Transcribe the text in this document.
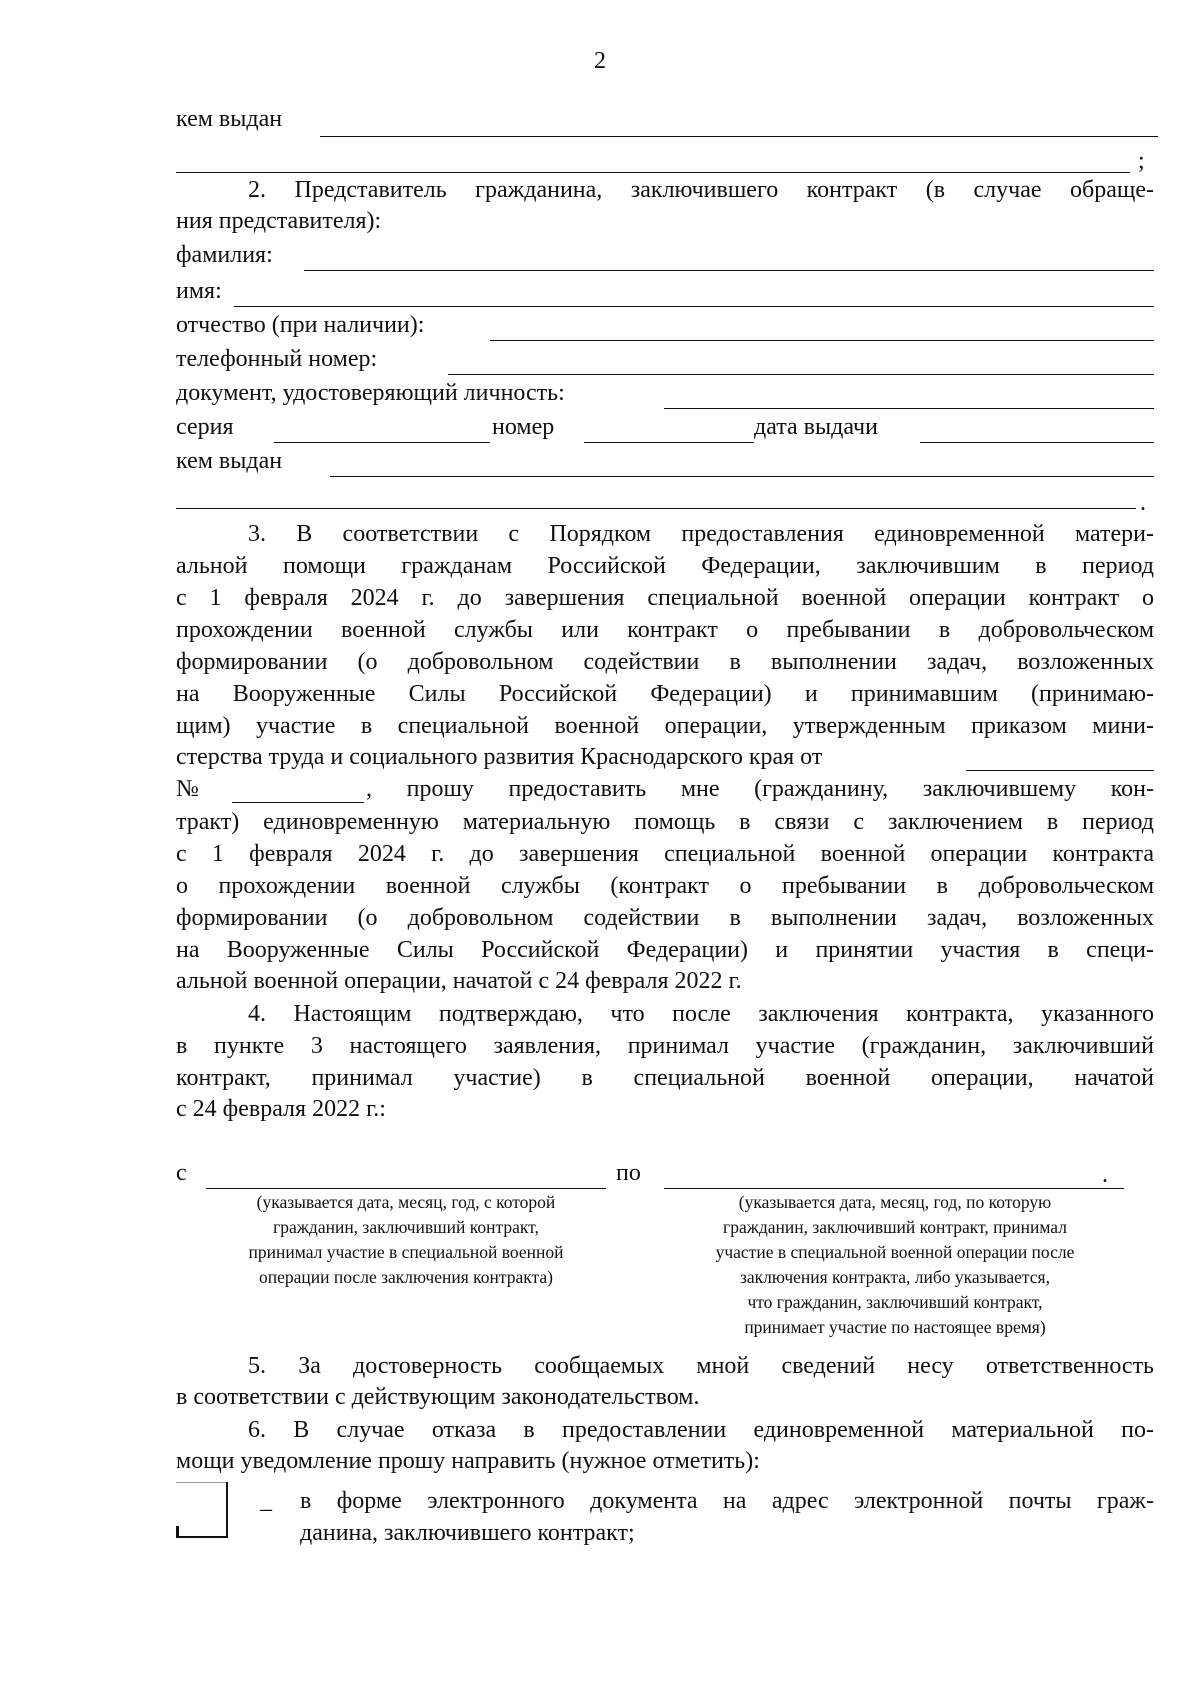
2
кем выдан
;
2. Представитель гражданина, заключившего контракт (в случае обраще-
ния представителя):
фамилия:
имя:
отчество (при наличии):
телефонный номер:
документ, удостоверяющий личность:
серия	номер	дата выдачи
кем выдан
.
3. В соответствии с Порядком предоставления единовременной матери-
альной помощи гражданам Российской Федерации, заключившим в период
с 1 февраля 2024 г. до завершения специальной военной операции контракт о
прохождении военной службы или контракт о пребывании в добровольческом
формировании (о добровольном содействии в выполнении задач, возложенных
на Вооруженные Силы Российской Федерации) и принимавшим (принимаю-
щим) участие в специальной военной операции, утвержденным приказом мини-
стерства труда и социального развития Краснодарского края от
№	, прошу предоставить мне (гражданину, заключившему кон-
тракт) единовременную материальную помощь в связи с заключением в период
с 1 февраля 2024 г. до завершения специальной военной операции контракта
о прохождении военной службы (контракт о пребывании в добровольческом
формировании (о добровольном содействии в выполнении задач, возложенных
на Вооруженные Силы Российской Федерации) и принятии участия в специ-
альной военной операции, начатой с 24 февраля 2022 г.
4. Настоящим подтверждаю, что после заключения контракта, указанного
в пункте 3 настоящего заявления, принимал участие (гражданин, заключивший
контракт, принимал участие) в специальной военной операции, начатой
с 24 февраля 2022 г.:
с	по	.
(указывается дата, месяц, год, с которой
гражданин, заключивший контракт,
принимал участие в специальной военной
операции после заключения контракта)
(указывается дата, месяц, год, по которую
гражданин, заключивший контракт, принимал
участие в специальной военной операции после
заключения контракта, либо указывается,
что гражданин, заключивший контракт,
принимает участие по настоящее время)
5. За достоверность сообщаемых мной сведений несу ответственность
в соответствии с действующим законодательством.
6. В случае отказа в предоставлении единовременной материальной по-
мощи уведомление прошу направить (нужное отметить):
_ в форме электронного документа на адрес электронной почты граж-
данина, заключившего контракт;
